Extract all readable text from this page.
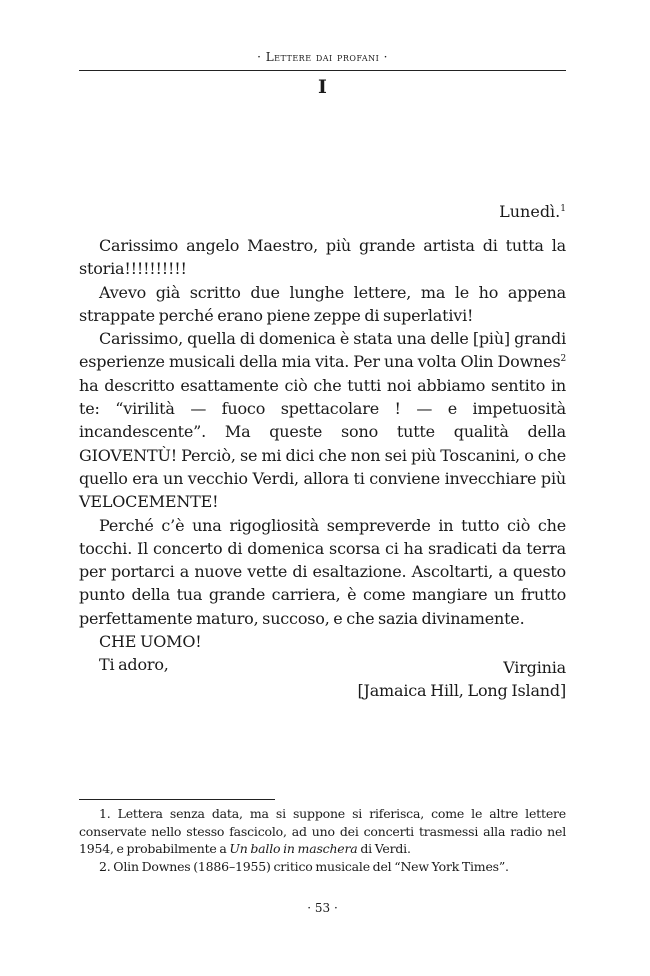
· Lettere dai profani ·
I
Lunedì.$^1$

Carissimo angelo Maestro, più grande artista di tutta la storia!!!!!!!!!!

Avevo già scritto due lunghe lettere, ma le ho appena strappate perché erano piene zeppe di superlativi!

Carissimo, quella di domenica è stata una delle [più] grandi esperienze musicali della mia vita. Per una volta Olin Downes$^2$ ha descritto esattamente ciò che tutti noi abbiamo sentito in te: “virilità — fuoco spettacolare ! — e impetuosità incandescente”. Ma queste sono tutte qualità della GIOVENTÙ! Perciò, se mi dici che non sei più Toscanini, o che quello era un vecchio Verdi, allora ti conviene invecchiare più VELOCEMENTE!

Perché c’è una rigogliosità sempreverde in tutto ciò che tocchi. Il concerto di domenica scorsa ci ha sradicati da terra per portarci a nuove vette di esaltazione. Ascoltarti, a questo punto della tua grande carriera, è come mangiare un frutto perfettamente maturo, succoso, e che sazia divinamente.

CHE UOMO!

Ti adoro,	Virginia
[Jamaica Hill, Long Island]

1. Lettera senza data, ma si suppone si riferisca, come le altre lettere conservate nello stesso fascicolo, ad uno dei concerti trasmessi alla radio nel 1954, e probabilmente a Un ballo in maschera di Verdi.

2. Olin Downes (1886–1955) critico musicale del “New York Times”.

· 53 ·
